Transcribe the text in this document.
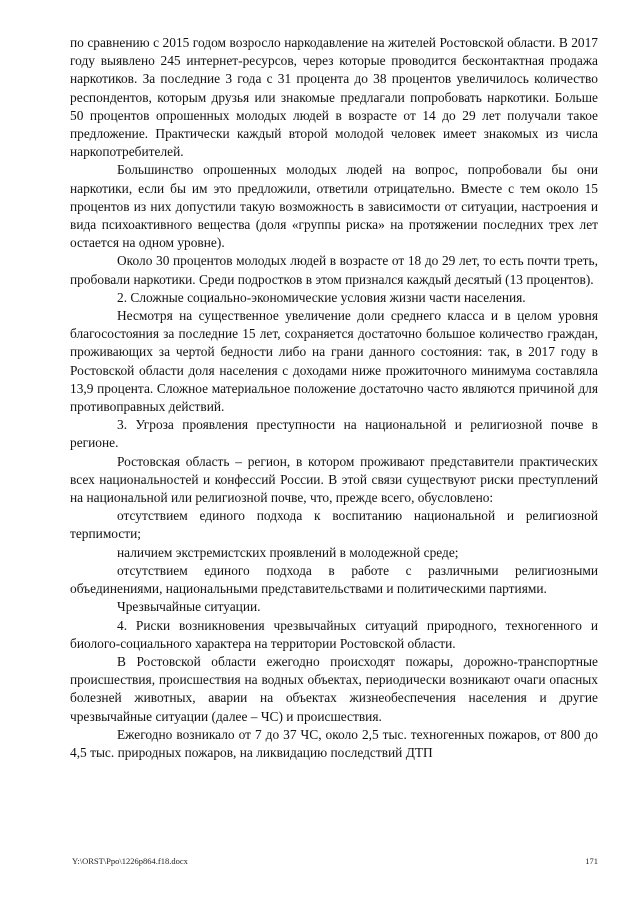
по сравнению с 2015 годом возросло наркодавление на жителей Ростовской области. В 2017 году выявлено 245 интернет-ресурсов, через которые проводится бесконтактная продажа наркотиков. За последние 3 года с 31 процента до 38 процентов увеличилось количество респондентов, которым друзья или знакомые предлагали попробовать наркотики. Больше 50 процентов опрошенных молодых людей в возрасте от 14 до 29 лет получали такое предложение. Практически каждый второй молодой человек имеет знакомых из числа наркопотребителей.

Большинство опрошенных молодых людей на вопрос, попробовали бы они наркотики, если бы им это предложили, ответили отрицательно. Вместе с тем около 15 процентов из них допустили такую возможность в зависимости от ситуации, настроения и вида психоактивного вещества (доля «группы риска» на протяжении последних трех лет остается на одном уровне).

Около 30 процентов молодых людей в возрасте от 18 до 29 лет, то есть почти треть, пробовали наркотики. Среди подростков в этом признался каждый десятый (13 процентов).

2. Сложные социально-экономические условия жизни части населения.

Несмотря на существенное увеличение доли среднего класса и в целом уровня благосостояния за последние 15 лет, сохраняется достаточно большое количество граждан, проживающих за чертой бедности либо на грани данного состояния: так, в 2017 году в Ростовской области доля населения с доходами ниже прожиточного минимума составляла 13,9 процента. Сложное материальное положение достаточно часто являются причиной для противоправных действий.

3. Угроза проявления преступности на национальной и религиозной почве в регионе.

Ростовская область – регион, в котором проживают представители практических всех национальностей и конфессий России. В этой связи существуют риски преступлений на национальной или религиозной почве, что, прежде всего, обусловлено:

отсутствием единого подхода к воспитанию национальной и религиозной терпимости;

наличием экстремистских проявлений в молодежной среде;

отсутствием единого подхода в работе с различными религиозными объединениями, национальными представительствами и политическими партиями.

Чрезвычайные ситуации.

4. Риски возникновения чрезвычайных ситуаций природного, техногенного и биолого-социального характера на территории Ростовской области.

В Ростовской области ежегодно происходят пожары, дорожно-транспортные происшествия, происшествия на водных объектах, периодически возникают очаги опасных болезней животных, аварии на объектах жизнеобеспечения населения и другие чрезвычайные ситуации (далее – ЧС) и происшествия.

Ежегодно возникало от 7 до 37 ЧС, около 2,5 тыс. техногенных пожаров, от 800 до 4,5 тыс. природных пожаров, на ликвидацию последствий ДТП

Y:\ORST\Ppo\1226p864.f18.docx	171
